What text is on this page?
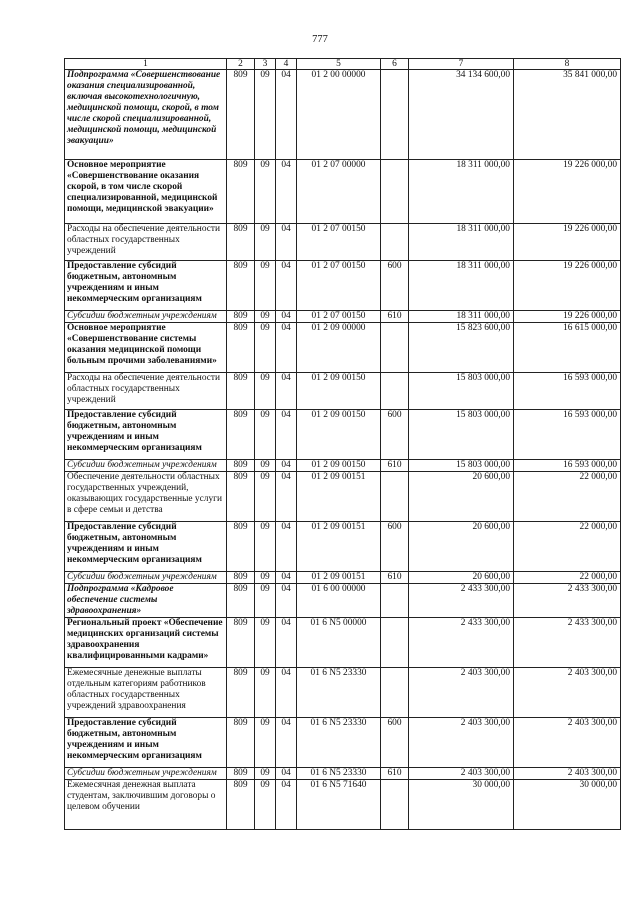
777
1	2	3	4	5	6	7	8
Подпрограмма «Совершенствование оказания специализированной, включая высокотехнологичную, медицинской помощи, скорой, в том числе скорой специализированной, медицинской помощи, медицинской эвакуации»	809	09	04	01 2 00 00000		34 134 600,00	35 841 000,00
Основное мероприятие «Совершенствование оказания скорой, в том числе скорой специализированной, медицинской помощи, медицинской эвакуации»	809	09	04	01 2 07 00000		18 311 000,00	19 226 000,00
Расходы на обеспечение деятельности областных государственных учреждений	809	09	04	01 2 07 00150		18 311 000,00	19 226 000,00
Предоставление субсидий бюджетным, автономным учреждениям и иным некоммерческим организациям	809	09	04	01 2 07 00150	600	18 311 000,00	19 226 000,00
Субсидии бюджетным учреждениям	809	09	04	01 2 07 00150	610	18 311 000,00	19 226 000,00
Основное мероприятие «Совершенствование системы оказания медицинской помощи больным прочими заболеваниями»	809	09	04	01 2 09 00000		15 823 600,00	16 615 000,00
Расходы на обеспечение деятельности областных государственных учреждений	809	09	04	01 2 09 00150		15 803 000,00	16 593 000,00
Предоставление субсидий бюджетным, автономным учреждениям и иным некоммерческим организациям	809	09	04	01 2 09 00150	600	15 803 000,00	16 593 000,00
Субсидии бюджетным учреждениям	809	09	04	01 2 09 00150	610	15 803 000,00	16 593 000,00
Обеспечение деятельности областных государственных учреждений, оказывающих государственные услуги в сфере семьи и детства	809	09	04	01 2 09 00151		20 600,00	22 000,00
Предоставление субсидий бюджетным, автономным учреждениям и иным некоммерческим организациям	809	09	04	01 2 09 00151	600	20 600,00	22 000,00
Субсидии бюджетным учреждениям	809	09	04	01 2 09 00151	610	20 600,00	22 000,00
Подпрограмма «Кадровое обеспечение системы здравоохранения»	809	09	04	01 6 00 00000		2 433 300,00	2 433 300,00
Региональный проект «Обеспечение медицинских организаций системы здравоохранения квалифицированными кадрами»	809	09	04	01 6 N5 00000		2 433 300,00	2 433 300,00
Ежемесячные денежные выплаты отдельным категориям работников областных государственных учреждений здравоохранения	809	09	04	01 6 N5 23330		2 403 300,00	2 403 300,00
Предоставление субсидий бюджетным, автономным учреждениям и иным некоммерческим организациям	809	09	04	01 6 N5 23330	600	2 403 300,00	2 403 300,00
Субсидии бюджетным учреждениям	809	09	04	01 6 N5 23330	610	2 403 300,00	2 403 300,00
Ежемесячная денежная выплата студентам, заключившим договоры о целевом обучении	809	09	04	01 6 N5 71640		30 000,00	30 000,00
